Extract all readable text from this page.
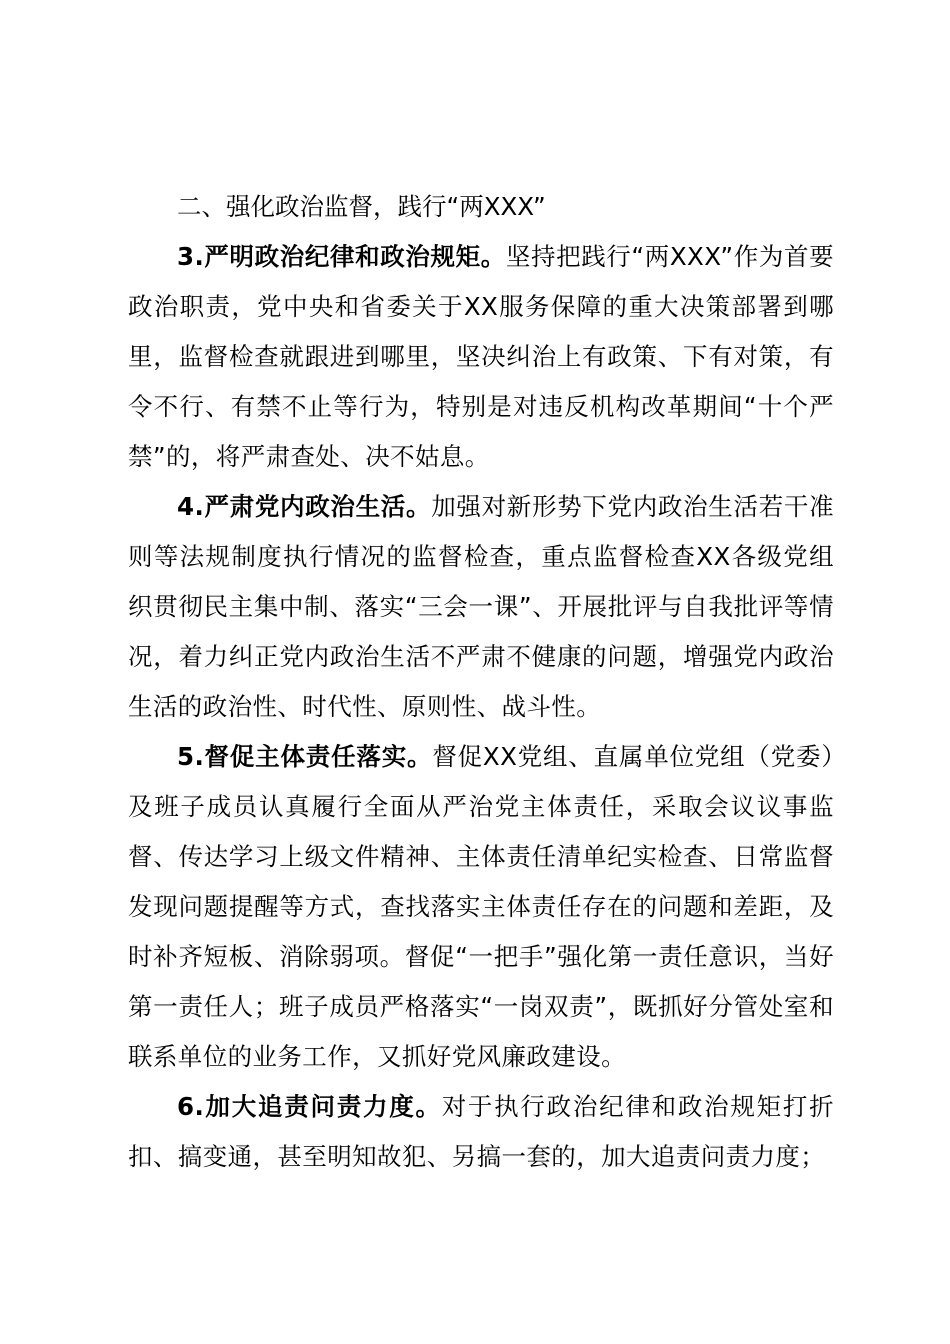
二、强化政治监督，践行“两XXX”

3.严明政治纪律和政治规矩。坚持把践行“两XXX”作为首要政治职责，党中央和省委关于XX服务保障的重大决策部署到哪里，监督检查就跟进到哪里，坚决纠治上有政策、下有对策，有令不行、有禁不止等行为，特别是对违反机构改革期间“十个严禁”的，将严肃查处、决不姑息。

4.严肃党内政治生活。加强对新形势下党内政治生活若干准则等法规制度执行情况的监督检查，重点监督检查XX各级党组织贯彻民主集中制、落实“三会一课”、开展批评与自我批评等情况，着力纠正党内政治生活不严肃不健康的问题，增强党内政治生活的政治性、时代性、原则性、战斗性。

5.督促主体责任落实。督促XX党组、直属单位党组（党委）及班子成员认真履行全面从严治党主体责任，采取会议议事监督、传达学习上级文件精神、主体责任清单纪实检查、日常监督发现问题提醒等方式，查找落实主体责任存在的问题和差距，及时补齐短板、消除弱项。督促“一把手”强化第一责任意识，当好第一责任人；班子成员严格落实“一岗双责”，既抓好分管处室和联系单位的业务工作，又抓好党风廉政建设。

6.加大追责问责力度。对于执行政治纪律和政治规矩打折扣、搞变通，甚至明知故犯、另搞一套的，加大追责问责力度；
